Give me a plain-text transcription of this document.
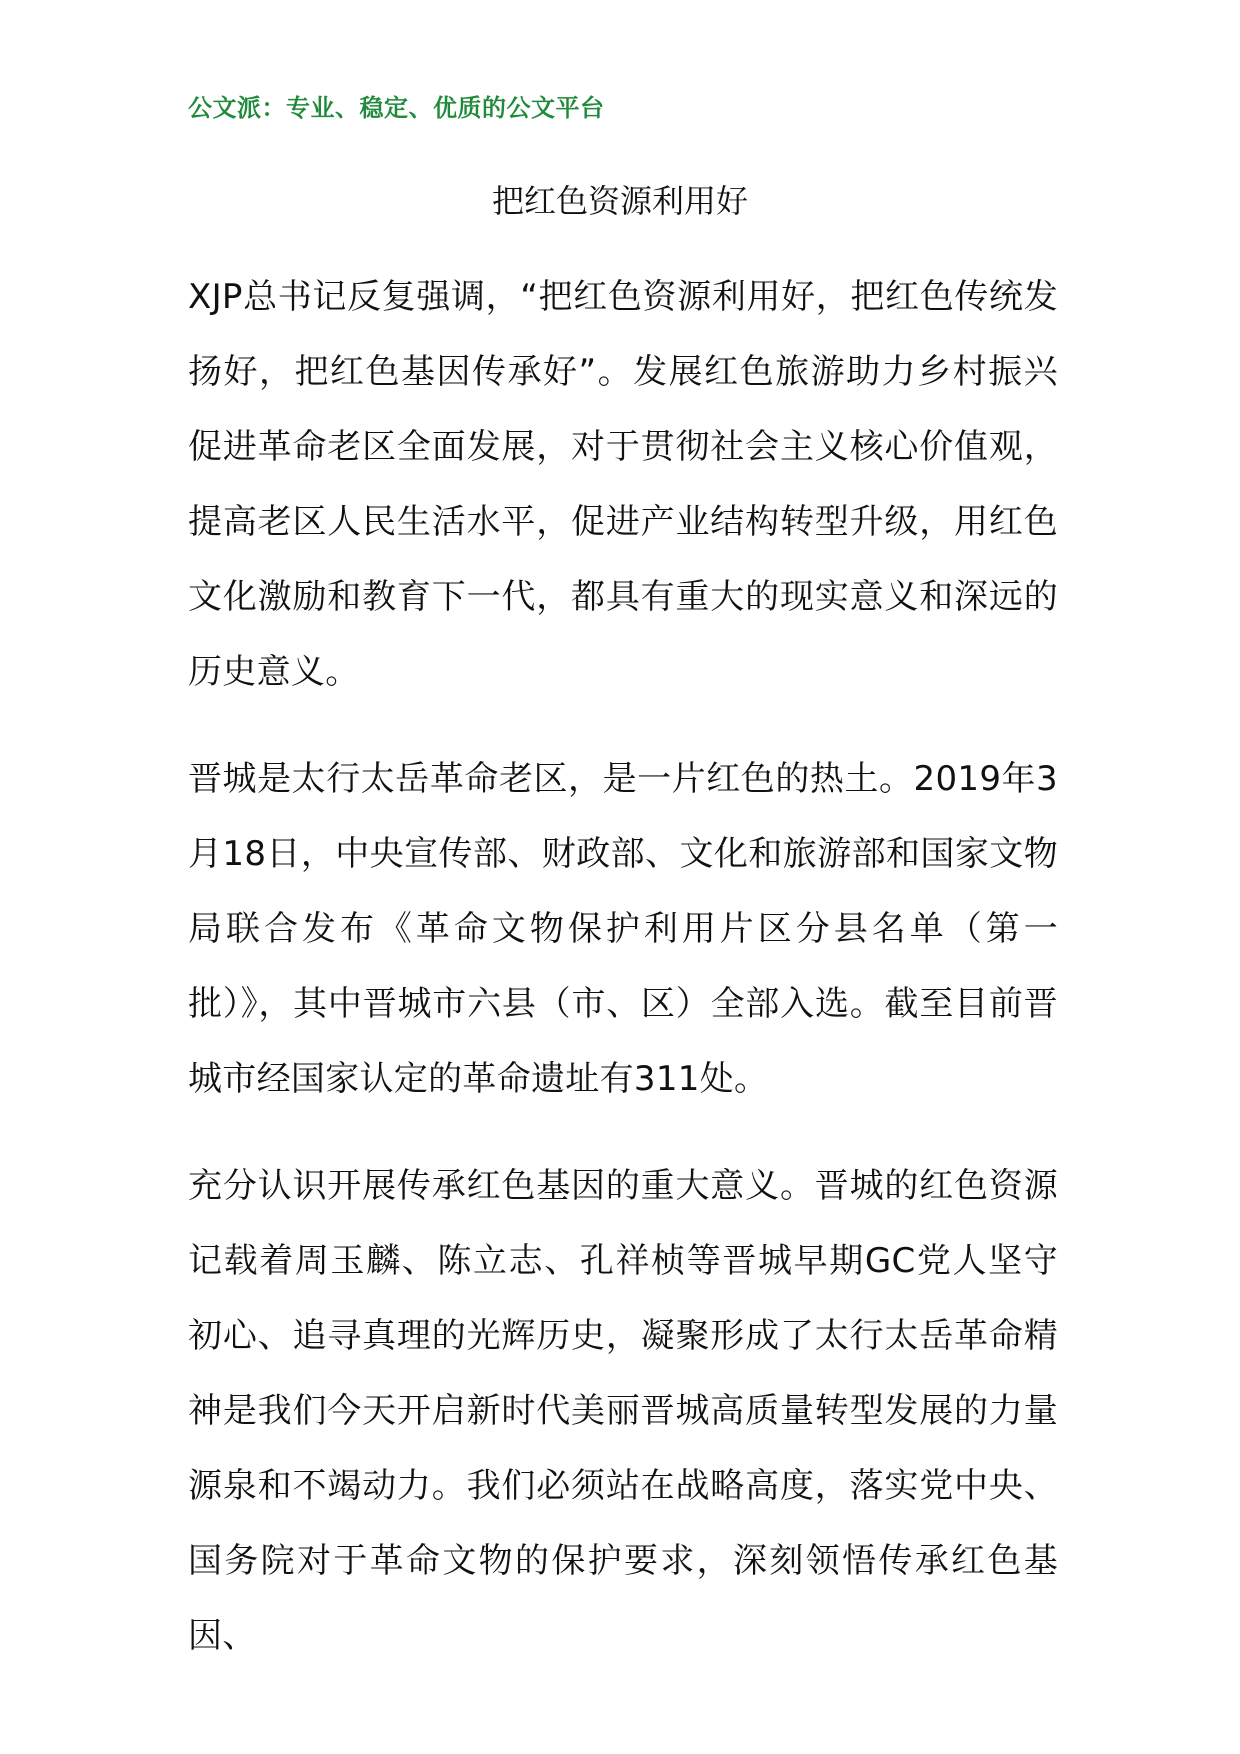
公文派：专业、稳定、优质的公文平台
把红色资源利用好

XJP总书记反复强调，“把红色资源利用好，把红色传统发扬好，把红色基因传承好”。发展红色旅游助力乡村振兴促进革命老区全面发展，对于贯彻社会主义核心价值观，提高老区人民生活水平，促进产业结构转型升级，用红色文化激励和教育下一代，都具有重大的现实意义和深远的历史意义。

晋城是太行太岳革命老区，是一片红色的热土。2019年3月18日，中央宣传部、财政部、文化和旅游部和国家文物局联合发布《革命文物保护利用片区分县名单（第一批）》，其中晋城市六县（市、区）全部入选。截至目前晋城市经国家认定的革命遗址有311处。

充分认识开展传承红色基因的重大意义。晋城的红色资源记载着周玉麟、陈立志、孔祥桢等晋城早期GC党人坚守初心、追寻真理的光辉历史，凝聚形成了太行太岳革命精神是我们今天开启新时代美丽晋城高质量转型发展的力量源泉和不竭动力。我们必须站在战略高度，落实党中央、国务院对于革命文物的保护要求，深刻领悟传承红色基因、
